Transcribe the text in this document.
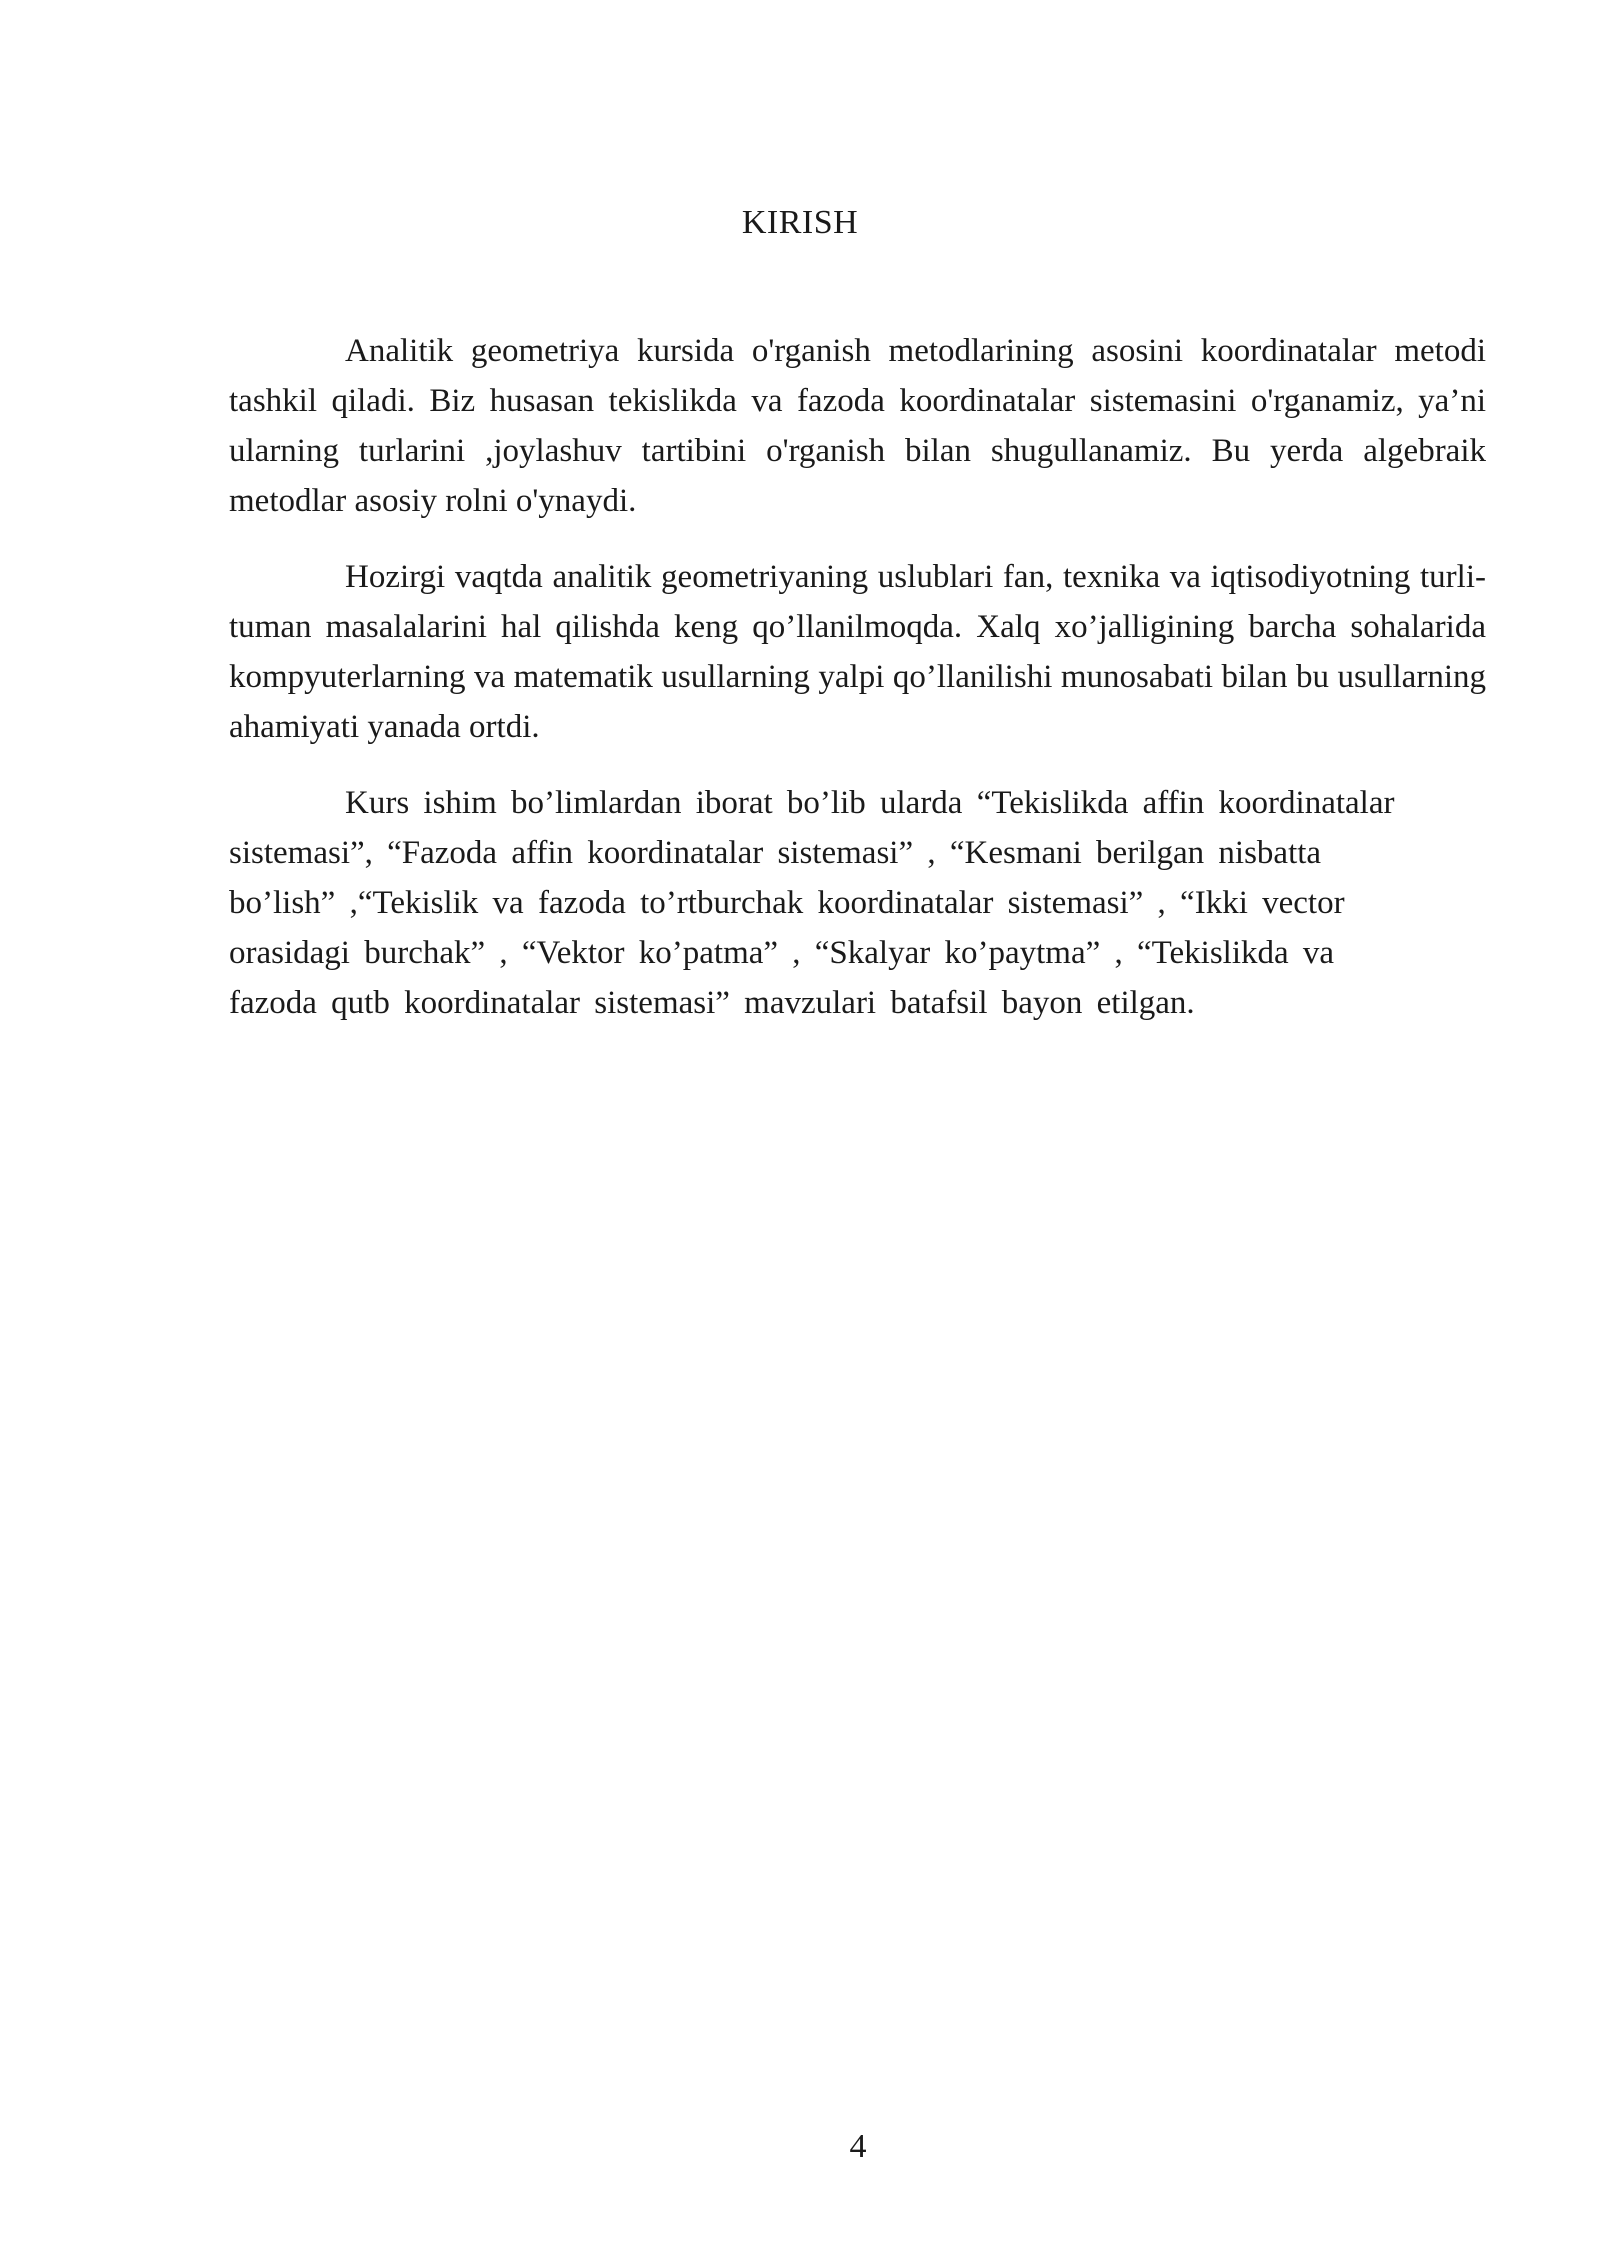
KIRISH

Analitik geometriya kursida o'rganish metodlarining asosini koordinatalar metodi tashkil qiladi. Biz husasan tekislikda va fazoda koordinatalar sistemasini o'rganamiz, ya’ni ularning turlarini ,joylashuv tartibini o'rganish bilan shugullanamiz. Bu yerda algebraik metodlar asosiy rolni o'ynaydi.

Hozirgi vaqtda analitik geometriyaning uslublari fan, texnika va iqtisodiyotning turli-tuman masalalarini hal qilishda keng qo’llanilmoqda. Xalq xo’jalligining barcha sohalarida kompyuterlarning va matematik usullarning yalpi qo’llanilishi munosabati bilan bu usullarning ahamiyati yanada ortdi.

Kurs ishim bo’limlardan iborat bo’lib ularda “Tekislikda affin koordinatalar sistemasi”, “Fazoda affin koordinatalar sistemasi” , “Kesmani berilgan nisbatta bo’lish” ,“Tekislik va fazoda to’rtburchak koordinatalar sistemasi” , “Ikki vector orasidagi burchak” , “Vektor ko’patma” , “Skalyar ko’paytma” , “Tekislikda va fazoda qutb koordinatalar sistemasi” mavzulari batafsil bayon etilgan.

4
